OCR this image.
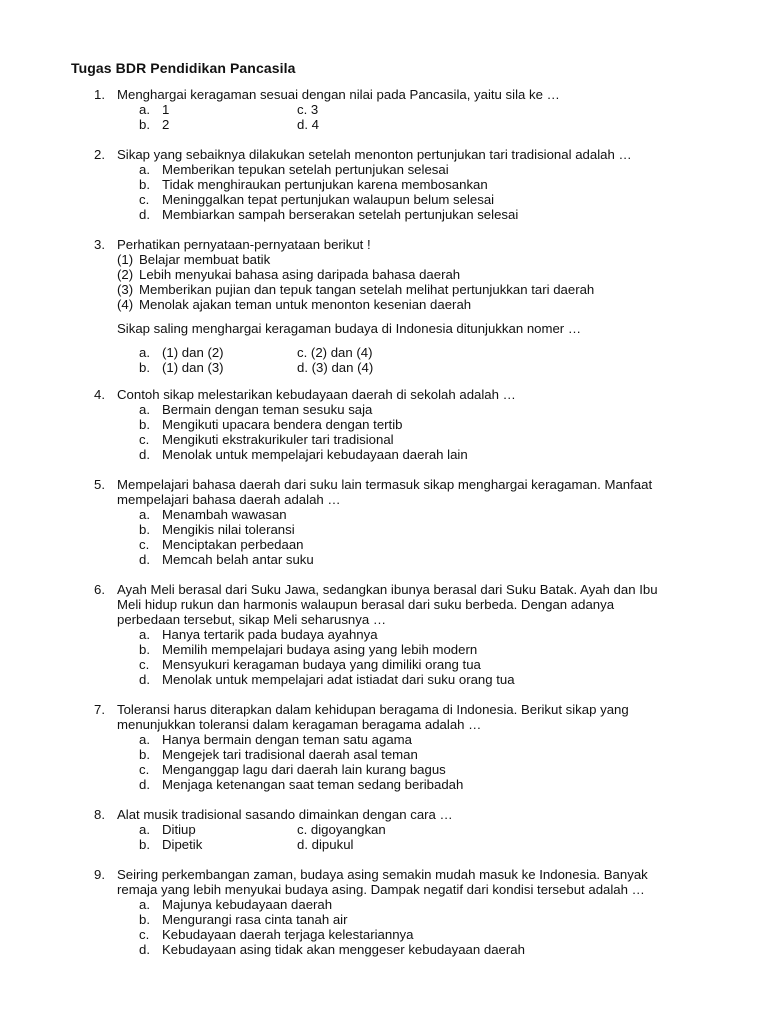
Tugas BDR Pendidikan Pancasila
1. Menghargai keragaman sesuai dengan nilai pada Pancasila, yaitu sila ke …
a. 1	c. 3
b. 2	d. 4
2. Sikap yang sebaiknya dilakukan setelah menonton pertunjukan tari tradisional adalah …
a. Memberikan tepukan setelah pertunjukan selesai
b. Tidak menghiraukan pertunjukan karena membosankan
c. Meninggalkan tepat pertunjukan walaupun belum selesai
d. Membiarkan sampah berserakan setelah pertunjukan selesai
3. Perhatikan pernyataan-pernyataan berikut !
(1) Belajar membuat batik
(2) Lebih menyukai bahasa asing daripada bahasa daerah
(3) Memberikan pujian dan tepuk tangan setelah melihat pertunjukkan tari daerah
(4) Menolak ajakan teman untuk menonton kesenian daerah
Sikap saling menghargai keragaman budaya di Indonesia ditunjukkan nomer …
a. (1) dan (2)	c. (2) dan (4)
b. (1) dan (3)	d. (3) dan (4)
4. Contoh sikap melestarikan kebudayaan daerah di sekolah adalah …
a. Bermain dengan teman sesuku saja
b. Mengikuti upacara bendera dengan tertib
c. Mengikuti ekstrakurikuler tari tradisional
d. Menolak untuk mempelajari kebudayaan daerah lain
5. Mempelajari bahasa daerah dari suku lain termasuk sikap menghargai keragaman. Manfaat
mempelajari bahasa daerah adalah …
a. Menambah wawasan
b. Mengikis nilai toleransi
c. Menciptakan perbedaan
d. Memcah belah antar suku
6. Ayah Meli berasal dari Suku Jawa, sedangkan ibunya berasal dari Suku Batak. Ayah dan Ibu
Meli hidup rukun dan harmonis walaupun berasal dari suku berbeda. Dengan adanya
perbedaan tersebut, sikap Meli seharusnya …
a. Hanya tertarik pada budaya ayahnya
b. Memilih mempelajari budaya asing yang lebih modern
c. Mensyukuri keragaman budaya yang dimiliki orang tua
d. Menolak untuk mempelajari adat istiadat dari suku orang tua
7. Toleransi harus diterapkan dalam kehidupan beragama di Indonesia. Berikut sikap yang
menunjukkan toleransi dalam keragaman beragama adalah …
a. Hanya bermain dengan teman satu agama
b. Mengejek tari tradisional daerah asal teman
c. Menganggap lagu dari daerah lain kurang bagus
d. Menjaga ketenangan saat teman sedang beribadah
8. Alat musik tradisional sasando dimainkan dengan cara …
a. Ditiup	c. digoyangkan
b. Dipetik	d. dipukul
9. Seiring perkembangan zaman, budaya asing semakin mudah masuk ke Indonesia. Banyak
remaja yang lebih menyukai budaya asing. Dampak negatif dari kondisi tersebut adalah …
a. Majunya kebudayaan daerah
b. Mengurangi rasa cinta tanah air
c. Kebudayaan daerah terjaga kelestariannya
d. Kebudayaan asing tidak akan menggeser kebudayaan daerah
